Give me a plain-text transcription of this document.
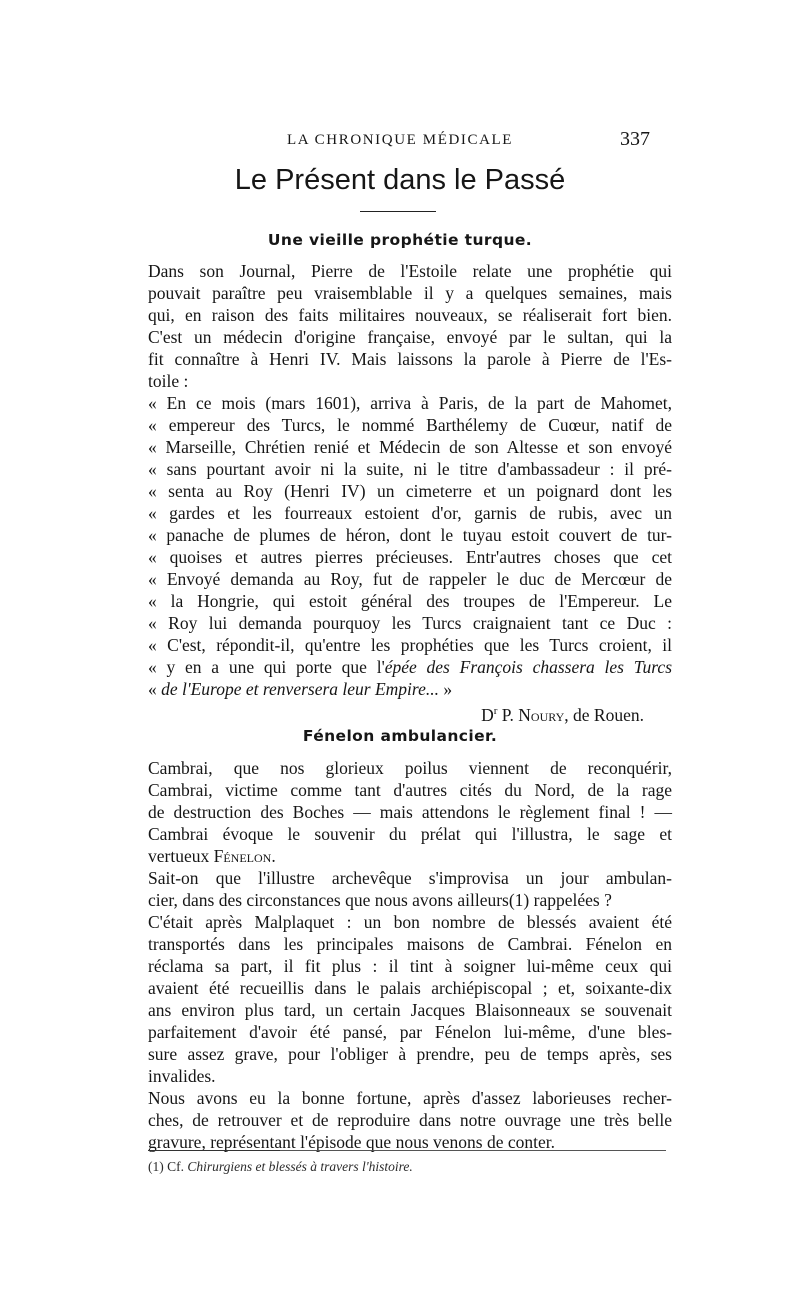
LA CHRONIQUE MÉDICALE	337
Le Présent dans le Passé
Une vieille prophétie turque.
Dans son Journal, Pierre de l'Estoile relate une prophétie qui
pouvait paraître peu vraisemblable il y a quelques semaines, mais
qui, en raison des faits militaires nouveaux, se réaliserait fort bien.
C'est un médecin d'origine française, envoyé par le sultan, qui la
fit connaître à Henri IV. Mais laissons la parole à Pierre de l'Es-
toile :
« En ce mois (mars 1601), arriva à Paris, de la part de Mahomet,
« empereur des Turcs, le nommé Barthélemy de Cuœur, natif de
« Marseille, Chrétien renié et Médecin de son Altesse et son envoyé
« sans pourtant avoir ni la suite, ni le titre d'ambassadeur : il pré-
« senta au Roy (Henri IV) un cimeterre et un poignard dont les
« gardes et les fourreaux estoient d'or, garnis de rubis, avec un
« panache de plumes de héron, dont le tuyau estoit couvert de tur-
« quoises et autres pierres précieuses. Entr'autres choses que cet
« Envoyé demanda au Roy, fut de rappeler le duc de Mercœur de
« la Hongrie, qui estoit général des troupes de l'Empereur. Le
« Roy lui demanda pourquoy les Turcs craignaient tant ce Duc :
« C'est, répondit-il, qu'entre les prophéties que les Turcs croient, il
« y en a une qui porte que l'épée des François chassera les Turcs
« de l'Europe et renversera leur Empire... »
$D^r$ P. Noury, de Rouen.
Fénelon ambulancier.
Cambrai, que nos glorieux poilus viennent de reconquérir,
Cambrai, victime comme tant d'autres cités du Nord, de la rage
de destruction des Boches — mais attendons le règlement final ! —
Cambrai évoque le souvenir du prélat qui l'illustra, le sage et
vertueux Fénelon.
Sait-on que l'illustre archevêque s'improvisa un jour ambulan-
cier, dans des circonstances que nous avons ailleurs(1) rappelées ?
C'était après Malplaquet : un bon nombre de blessés avaient été
transportés dans les principales maisons de Cambrai. Fénelon en
réclama sa part, il fit plus : il tint à soigner lui-même ceux qui
avaient été recueillis dans le palais archiépiscopal ; et, soixante-dix
ans environ plus tard, un certain Jacques Blaisonneaux se souvenait
parfaitement d'avoir été pansé, par Fénelon lui-même, d'une bles-
sure assez grave, pour l'obliger à prendre, peu de temps après, ses
invalides.
Nous avons eu la bonne fortune, après d'assez laborieuses recher-
ches, de retrouver et de reproduire dans notre ouvrage une très belle
gravure, représentant l'épisode que nous venons de conter.
(1) Cf. Chirurgiens et blessés à travers l'histoire.
